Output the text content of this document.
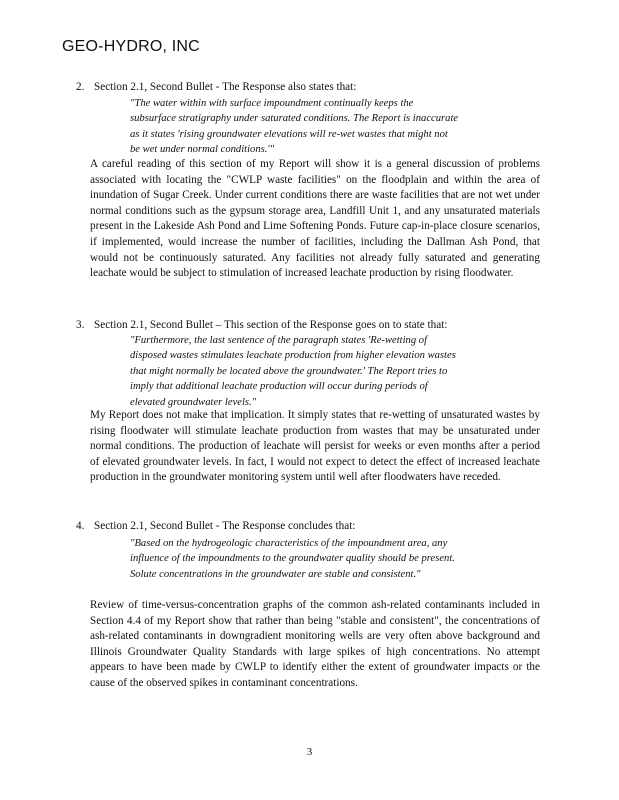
GEO-HYDRO, INC
2. Section 2.1, Second Bullet - The Response also states that:
"The water within with surface impoundment continually keeps the subsurface stratigraphy under saturated conditions. The Report is inaccurate as it states 'rising groundwater elevations will re-wet wastes that might not be wet under normal conditions.'"
A careful reading of this section of my Report will show it is a general discussion of problems associated with locating the "CWLP waste facilities" on the floodplain and within the area of inundation of Sugar Creek. Under current conditions there are waste facilities that are not wet under normal conditions such as the gypsum storage area, Landfill Unit 1, and any unsaturated materials present in the Lakeside Ash Pond and Lime Softening Ponds. Future cap-in-place closure scenarios, if implemented, would increase the number of facilities, including the Dallman Ash Pond, that would not be continuously saturated. Any facilities not already fully saturated and generating leachate would be subject to stimulation of increased leachate production by rising floodwater.
3. Section 2.1, Second Bullet – This section of the Response goes on to state that:
"Furthermore, the last sentence of the paragraph states 'Re-wetting of disposed wastes stimulates leachate production from higher elevation wastes that might normally be located above the groundwater.' The Report tries to imply that additional leachate production will occur during periods of elevated groundwater levels."
My Report does not make that implication. It simply states that re-wetting of unsaturated wastes by rising floodwater will stimulate leachate production from wastes that may be unsaturated under normal conditions. The production of leachate will persist for weeks or even months after a period of elevated groundwater levels. In fact, I would not expect to detect the effect of increased leachate production in the groundwater monitoring system until well after floodwaters have receded.
4. Section 2.1, Second Bullet - The Response concludes that:
"Based on the hydrogeologic characteristics of the impoundment area, any influence of the impoundments to the groundwater quality should be present. Solute concentrations in the groundwater are stable and consistent."
Review of time-versus-concentration graphs of the common ash-related contaminants included in Section 4.4 of my Report show that rather than being "stable and consistent", the concentrations of ash-related contaminants in downgradient monitoring wells are very often above background and Illinois Groundwater Quality Standards with large spikes of high concentrations. No attempt appears to have been made by CWLP to identify either the extent of groundwater impacts or the cause of the observed spikes in contaminant concentrations.
3
